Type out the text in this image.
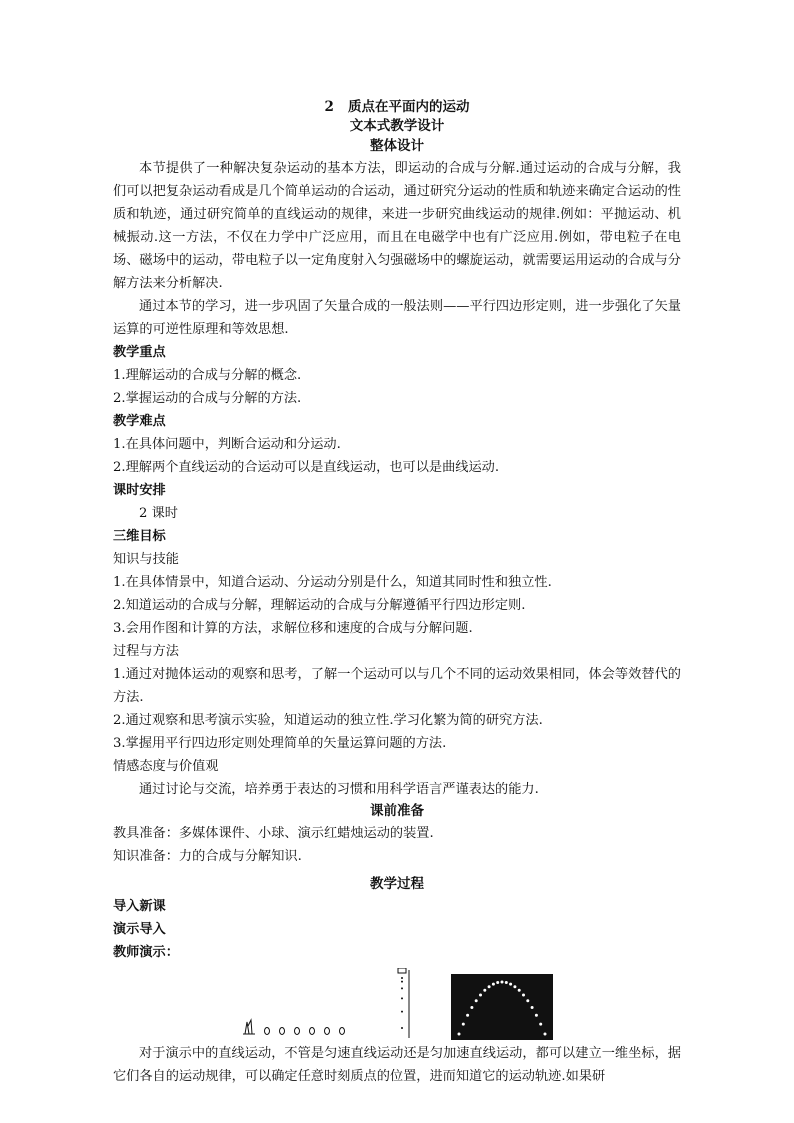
2 质点在平面内的运动
文本式教学设计
整体设计

本节提供了一种解决复杂运动的基本方法，即运动的合成与分解.通过运动的合成与分解，我们可以把复杂运动看成是几个简单运动的合运动，通过研究分运动的性质和轨迹来确定合运动的性质和轨迹，通过研究简单的直线运动的规律，来进一步研究曲线运动的规律.例如：平抛运动、机械振动.这一方法，不仅在力学中广泛应用，而且在电磁学中也有广泛应用.例如，带电粒子在电场、磁场中的运动，带电粒子以一定角度射入匀强磁场中的螺旋运动，就需要运用运动的合成与分解方法来分析解决.

通过本节的学习，进一步巩固了矢量合成的一般法则——平行四边形定则，进一步强化了矢量运算的可逆性原理和等效思想.

教学重点

1.理解运动的合成与分解的概念.

2.掌握运动的合成与分解的方法.

教学难点

1.在具体问题中，判断合运动和分运动.

2.理解两个直线运动的合运动可以是直线运动，也可以是曲线运动.

课时安排

2 课时

三维目标

知识与技能

1.在具体情景中，知道合运动、分运动分别是什么，知道其同时性和独立性.

2.知道运动的合成与分解，理解运动的合成与分解遵循平行四边形定则.

3.会用作图和计算的方法，求解位移和速度的合成与分解问题.

过程与方法

1.通过对抛体运动的观察和思考，了解一个运动可以与几个不同的运动效果相同，体会等效替代的方法.

2.通过观察和思考演示实验，知道运动的独立性.学习化繁为简的研究方法.

3.掌握用平行四边形定则处理简单的矢量运算问题的方法.

情感态度与价值观

通过讨论与交流，培养勇于表达的习惯和用科学语言严谨表达的能力.

课前准备

教具准备：多媒体课件、小球、演示红蜡烛运动的装置.

知识准备：力的合成与分解知识.

教学过程

导入新课

演示导入

教师演示：

对于演示中的直线运动，不管是匀速直线运动还是匀加速直线运动，都可以建立一维坐标，据它们各自的运动规律，可以确定任意时刻质点的位置，进而知道它的运动轨迹.如果研
